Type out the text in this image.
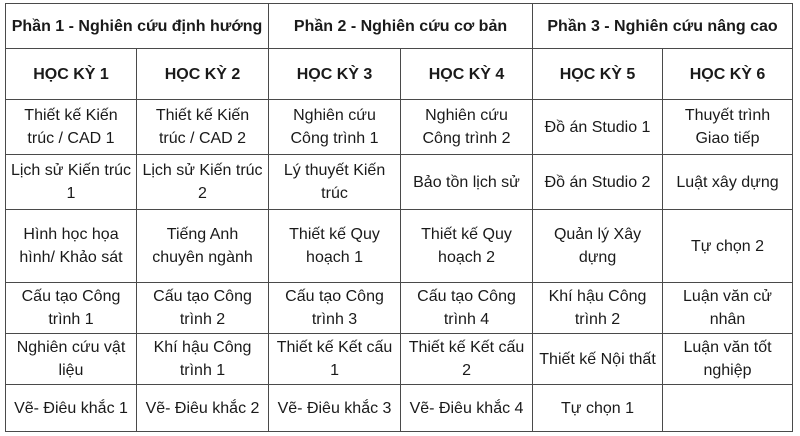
Phần 1 - Nghiên cứu định hướng		Phần 2 - Nghiên cứu cơ bản		Phần 3 - Nghiên cứu nâng cao	
HỌC KỲ 1	HỌC KỲ 2	HỌC KỲ 3	HỌC KỲ 4	HỌC KỲ 5	HỌC KỲ 6
Thiết kế Kiến trúc / CAD 1	Thiết kế Kiến trúc / CAD 2	Nghiên cứu Công trình 1	Nghiên cứu Công trình 2	Đồ án Studio 1	Thuyết trình Giao tiếp
Lịch sử Kiến trúc 1	Lịch sử Kiến trúc 2	Lý thuyết Kiến trúc	Bảo tồn lịch sử	Đồ án Studio 2	Luật xây dựng
Hình học họa hình/ Khảo sát	Tiếng Anh chuyên ngành	Thiết kế Quy hoạch 1	Thiết kế Quy hoạch 2	Quản lý Xây dựng	Tự chọn 2
Cấu tạo Công trình 1	Cấu tạo Công trình 2	Cấu tạo Công trình 3	Cấu tạo Công trình 4	Khí hậu Công trình 2	Luận văn cử nhân
Nghiên cứu vật liệu	Khí hậu Công trình 1	Thiết kế Kết cấu 1	Thiết kế Kết cấu 2	Thiết kế Nội thất	Luận văn tốt nghiệp
Vẽ- Điêu khắc 1	Vẽ- Điêu khắc 2	Vẽ- Điêu khắc 3	Vẽ- Điêu khắc 4	Tự chọn 1	
